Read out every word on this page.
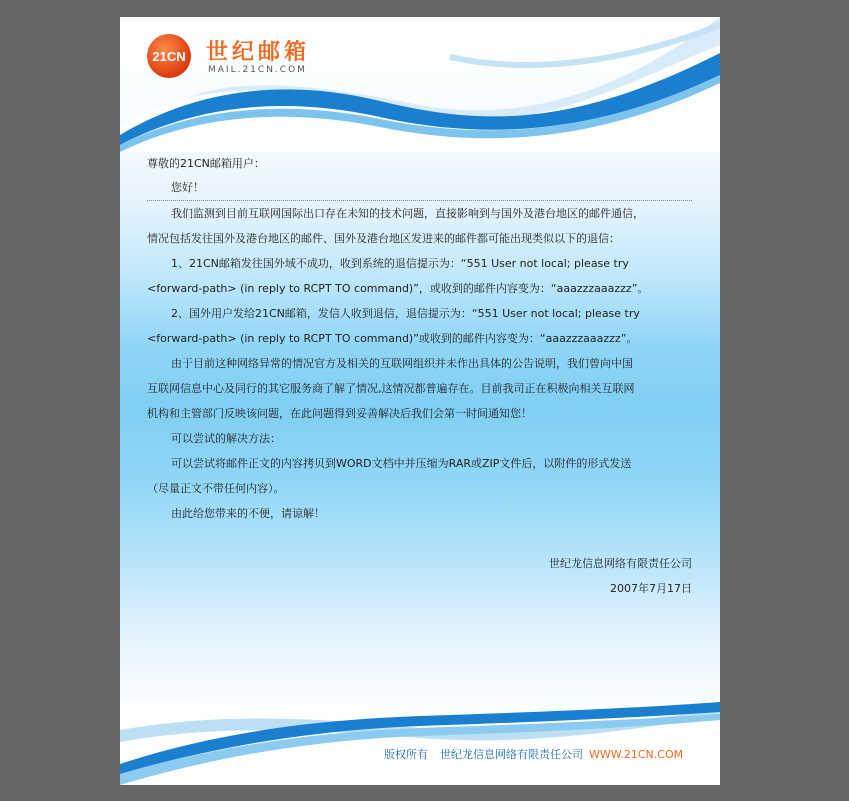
21CN 世纪邮箱
MAIL.21CN.COM
尊敬的21CN邮箱用户：
您好！
我们监测到目前互联网国际出口存在未知的技术问题，直接影响到与国外及港台地区的邮件通信，
情况包括发往国外及港台地区的邮件、国外及港台地区发进来的邮件都可能出现类似以下的退信：
1、21CN邮箱发往国外域不成功，收到系统的退信提示为：“551 User not local; please try
<forward-path> (in reply to RCPT TO command)”，或收到的邮件内容变为：“aaazzzaaazzz”。
2、国外用户发给21CN邮箱，发信人收到退信，退信提示为：“551 User not local; please try
<forward-path> (in reply to RCPT TO command)”或收到的邮件内容变为：“aaazzzaaazzz”。
由于目前这种网络异常的情况官方及相关的互联网组织并未作出具体的公告说明，我们曾向中国
互联网信息中心及同行的其它服务商了解了情况,这情况都普遍存在。目前我司正在积极向相关互联网
机构和主管部门反映该问题，在此问题得到妥善解决后我们会第一时间通知您！
可以尝试的解决方法：
可以尝试将邮件正文的内容拷贝到WORD文档中并压缩为RAR或ZIP文件后，以附件的形式发送
（尽量正文不带任何内容）。
由此给您带来的不便，请谅解！
世纪龙信息网络有限责任公司
2007年7月17日
版权所有 世纪龙信息网络有限责任公司 WWW.21CN.COM
